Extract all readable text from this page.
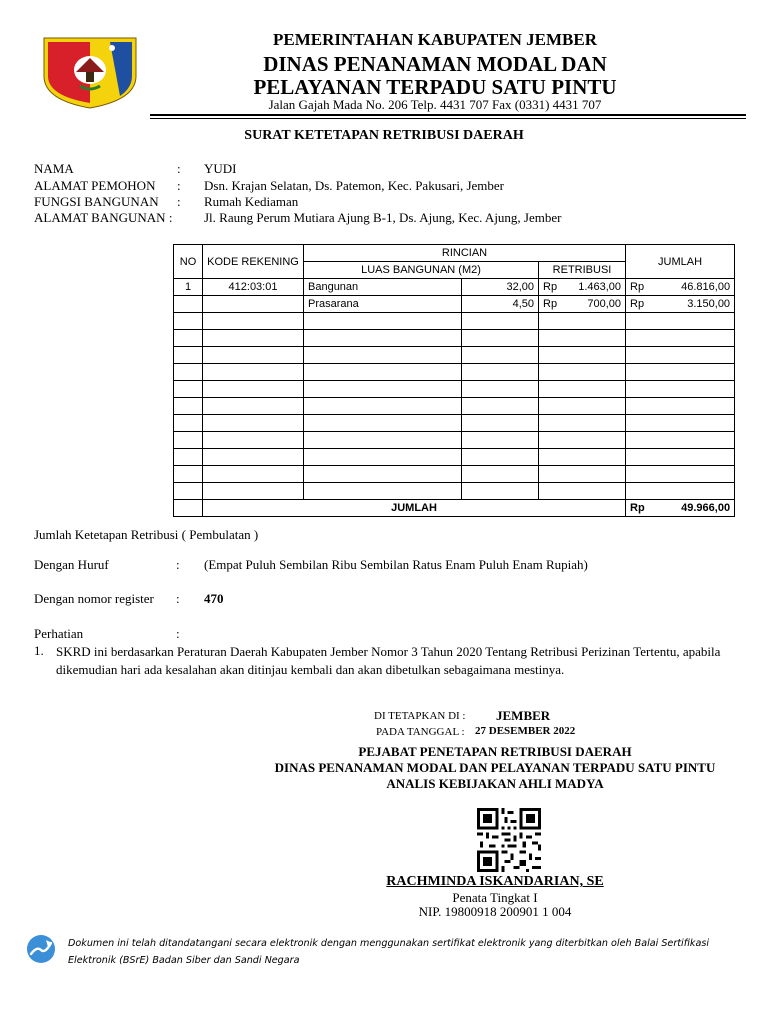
PEMERINTAHAN KABUPATEN JEMBER
DINAS PENANAMAN MODAL DAN
PELAYANAN TERPADU SATU PINTU
Jalan Gajah Mada No. 206 Telp. 4431 707 Fax (0331) 4431 707
SURAT KETETAPAN RETRIBUSI DAERAH
NAMA	: YUDI
ALAMAT PEMOHON : Dsn. Krajan Selatan, Ds. Patemon, Kec. Pakusari, Jember
FUNGSI BANGUNAN : Rumah Kediaman
ALAMAT BANGUNAN : Jl. Raung Perum Mutiara Ajung B-1, Ds. Ajung, Kec. Ajung, Jember
NO	KODE REKENING	RINCIAN				JUMLAH	
		LUAS BANGUNAN (M2)		RETRIBUSI			
1	412:03:01	Bangunan	32,00	Rp	1.463,00	Rp	46.816,00
		Prasarana	4,50	Rp	700,00	Rp	3.150,00

	JUMLAH					Rp	49.966,00
Jumlah Ketetapan Retribusi ( Pembulatan )
Dengan Huruf	: (Empat Puluh Sembilan Ribu Sembilan Ratus Enam Puluh Enam Rupiah)
Dengan nomor register : 470
Perhatian	:
1. SKRD ini berdasarkan Peraturan Daerah Kabupaten Jember Nomor 3 Tahun 2020 Tentang Retribusi Perizinan Tertentu, apabila dikemudian hari ada kesalahan akan ditinjau kembali dan akan dibetulkan sebagaimana mestinya.
DI TETAPKAN DI : JEMBER
PADA TANGGAL : 27 DESEMBER 2022
PEJABAT PENETAPAN RETRIBUSI DAERAH
DINAS PENANAMAN MODAL DAN PELAYANAN TERPADU SATU PINTU
ANALIS KEBIJAKAN AHLI MADYA
RACHMINDA ISKANDARIAN, SE
Penata Tingkat I
NIP. 19800918 200901 1 004
Dokumen ini telah ditandatangani secara elektronik dengan menggunakan sertifikat elektronik yang diterbitkan oleh Balai Sertifikasi Elektronik (BSrE) Badan Siber dan Sandi Negara
